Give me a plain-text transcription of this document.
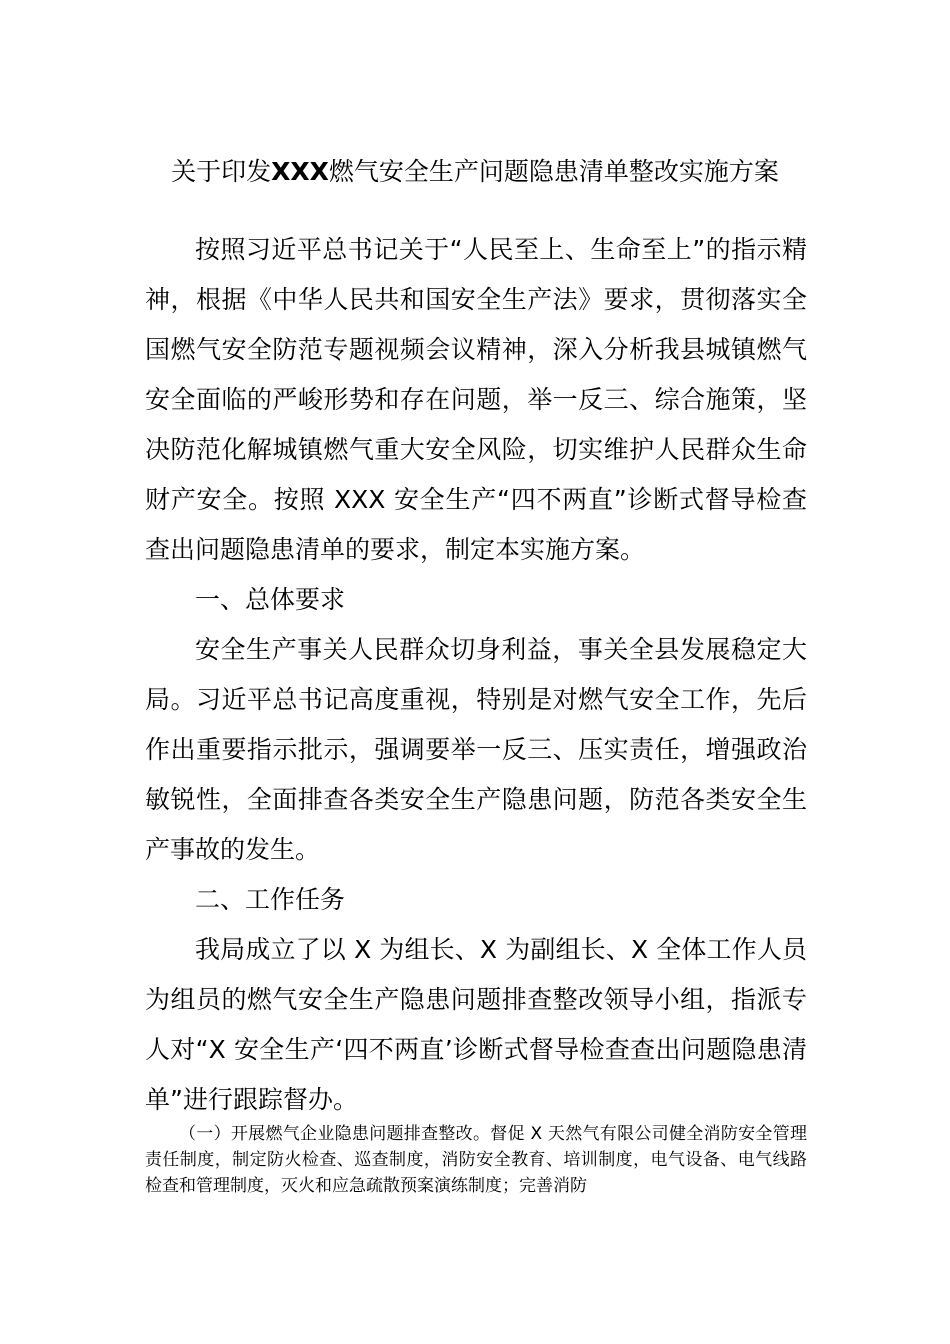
关于印发XXX燃气安全生产问题隐患清单整改实施方案

按照习近平总书记关于“人民至上、生命至上”的指示精神，根据《中华人民共和国安全生产法》要求，贯彻落实全国燃气安全防范专题视频会议精神，深入分析我县城镇燃气安全面临的严峻形势和存在问题，举一反三、综合施策，坚决防范化解城镇燃气重大安全风险，切实维护人民群众生命财产安全。按照 XXX 安全生产“四不两直”诊断式督导检查查出问题隐患清单的要求，制定本实施方案。

一、总体要求

安全生产事关人民群众切身利益，事关全县发展稳定大局。习近平总书记高度重视，特别是对燃气安全工作，先后作出重要指示批示，强调要举一反三、压实责任，增强政治敏锐性，全面排查各类安全生产隐患问题，防范各类安全生产事故的发生。

二、工作任务

我局成立了以 X 为组长、X 为副组长、X 全体工作人员为组员的燃气安全生产隐患问题排查整改领导小组，指派专人对“X 安全生产‘四不两直’诊断式督导检查查出问题隐患清单”进行跟踪督办。

（一）开展燃气企业隐患问题排查整改。督促 X 天然气有限公司健全消防安全管理责任制度，制定防火检查、巡查制度，消防安全教育、培训制度，电气设备、电气线路检查和管理制度，灭火和应急疏散预案演练制度；完善消防
